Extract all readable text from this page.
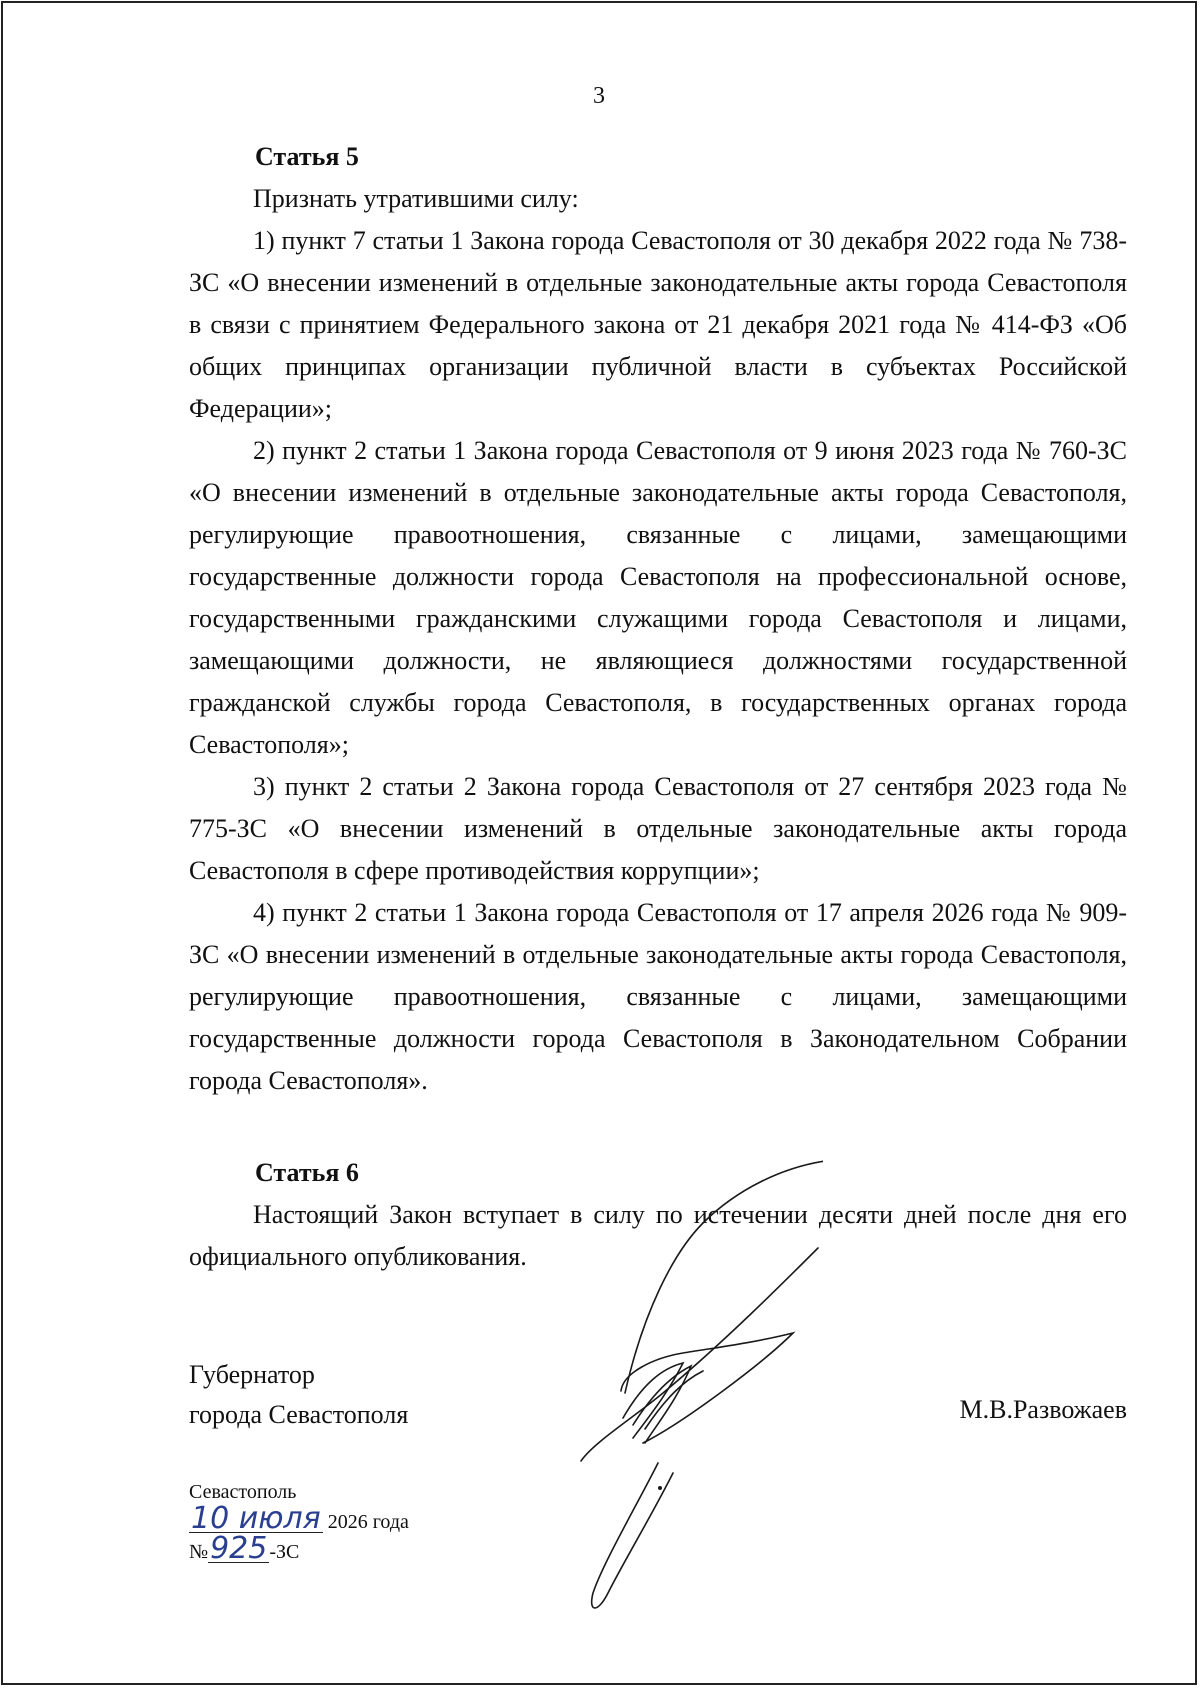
3
Статья 5

Признать утратившими силу:

1) пункт 7 статьи 1 Закона города Севастополя от 30 декабря 2022 года № 738-ЗС «О внесении изменений в отдельные законодательные акты города Севастополя в связи с принятием Федерального закона от 21 декабря 2021 года № 414-ФЗ «Об общих принципах организации публичной власти в субъектах Российской Федерации»;

2) пункт 2 статьи 1 Закона города Севастополя от 9 июня 2023 года № 760-ЗС «О внесении изменений в отдельные законодательные акты города Севастополя, регулирующие правоотношения, связанные с лицами, замещающими государственные должности города Севастополя на профессиональной основе, государственными гражданскими служащими города Севастополя и лицами, замещающими должности, не являющиеся должностями государственной гражданской службы города Севастополя, в государственных органах города Севастополя»;

3) пункт 2 статьи 2 Закона города Севастополя от 27 сентября 2023 года № 775-ЗС «О внесении изменений в отдельные законодательные акты города Севастополя в сфере противодействия коррупции»;

4) пункт 2 статьи 1 Закона города Севастополя от 17 апреля 2026 года № 909-ЗС «О внесении изменений в отдельные законодательные акты города Севастополя, регулирующие правоотношения, связанные с лицами, замещающими государственные должности города Севастополя в Законодательном Собрании города Севастополя».

Статья 6

Настоящий Закон вступает в силу по истечении десяти дней после дня его официального опубликования.

Губернатор
города Севастополя	М.В.Развожаев
Севастополь
10 июля 2026 года
№925 -ЗС
